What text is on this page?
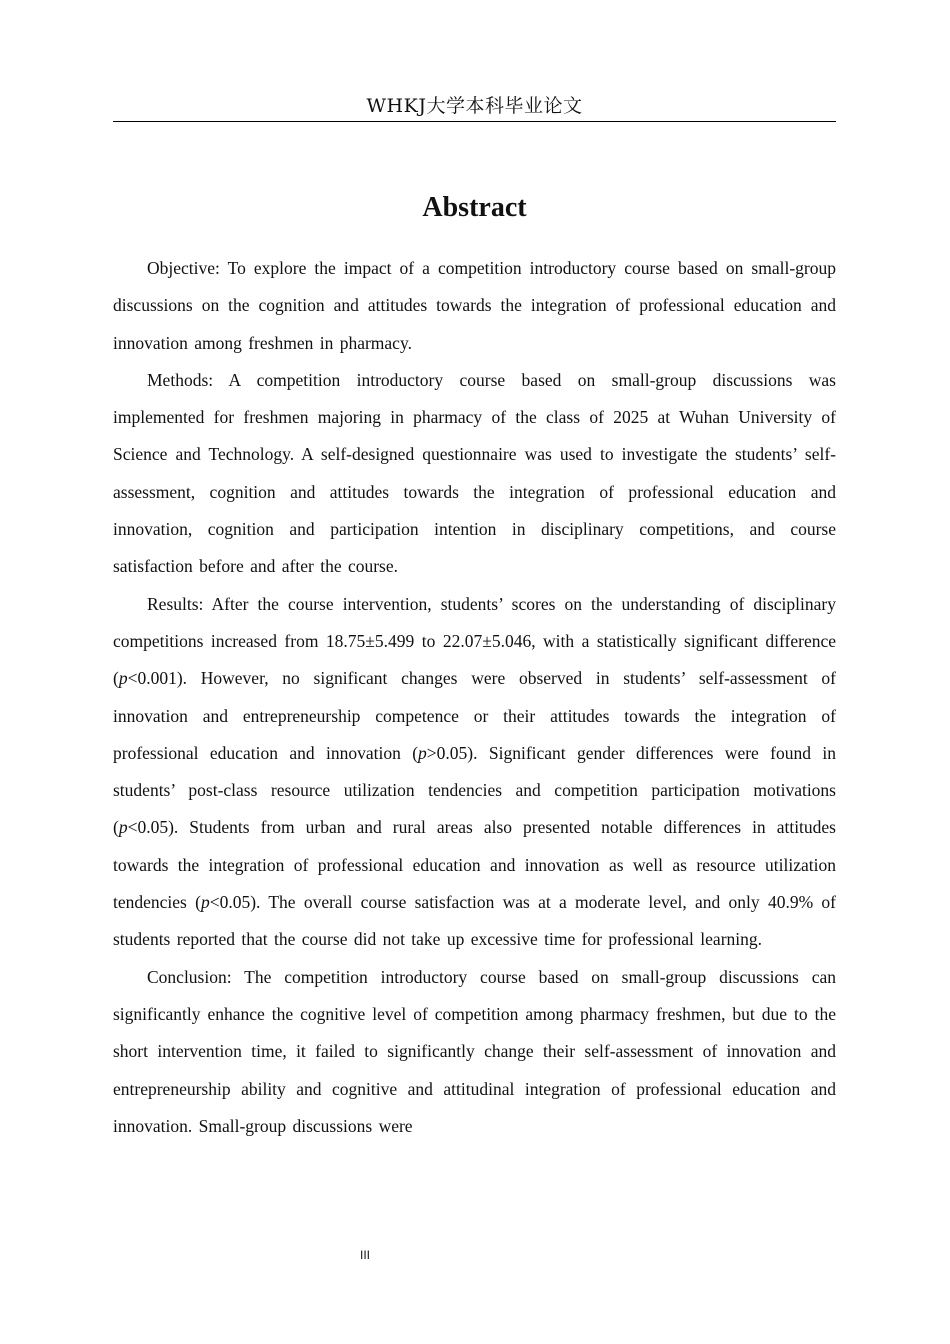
WHKJ大学本科毕业论文
Abstract

Objective: To explore the impact of a competition introductory course based on small-group discussions on the cognition and attitudes towards the integration of professional education and innovation among freshmen in pharmacy.

Methods: A competition introductory course based on small-group discussions was implemented for freshmen majoring in pharmacy of the class of 2025 at Wuhan University of Science and Technology. A self-designed questionnaire was used to investigate the students’ self-assessment, cognition and attitudes towards the integration of professional education and innovation, cognition and participation intention in disciplinary competitions, and course satisfaction before and after the course.

Results: After the course intervention, students’ scores on the understanding of disciplinary competitions increased from 18.75±5.499 to 22.07±5.046, with a statistically significant difference (p<0.001). However, no significant changes were observed in students’ self-assessment of innovation and entrepreneurship competence or their attitudes towards the integration of professional education and innovation (p>0.05). Significant gender differences were found in students’ post-class resource utilization tendencies and competition participation motivations (p<0.05). Students from urban and rural areas also presented notable differences in attitudes towards the integration of professional education and innovation as well as resource utilization tendencies (p<0.05). The overall course satisfaction was at a moderate level, and only 40.9% of students reported that the course did not take up excessive time for professional learning.

Conclusion: The competition introductory course based on small-group discussions can significantly enhance the cognitive level of competition among pharmacy freshmen, but due to the short intervention time, it failed to significantly change their self-assessment of innovation and entrepreneurship ability and cognitive and attitudinal integration of professional education and innovation. Small-group discussions were

III
